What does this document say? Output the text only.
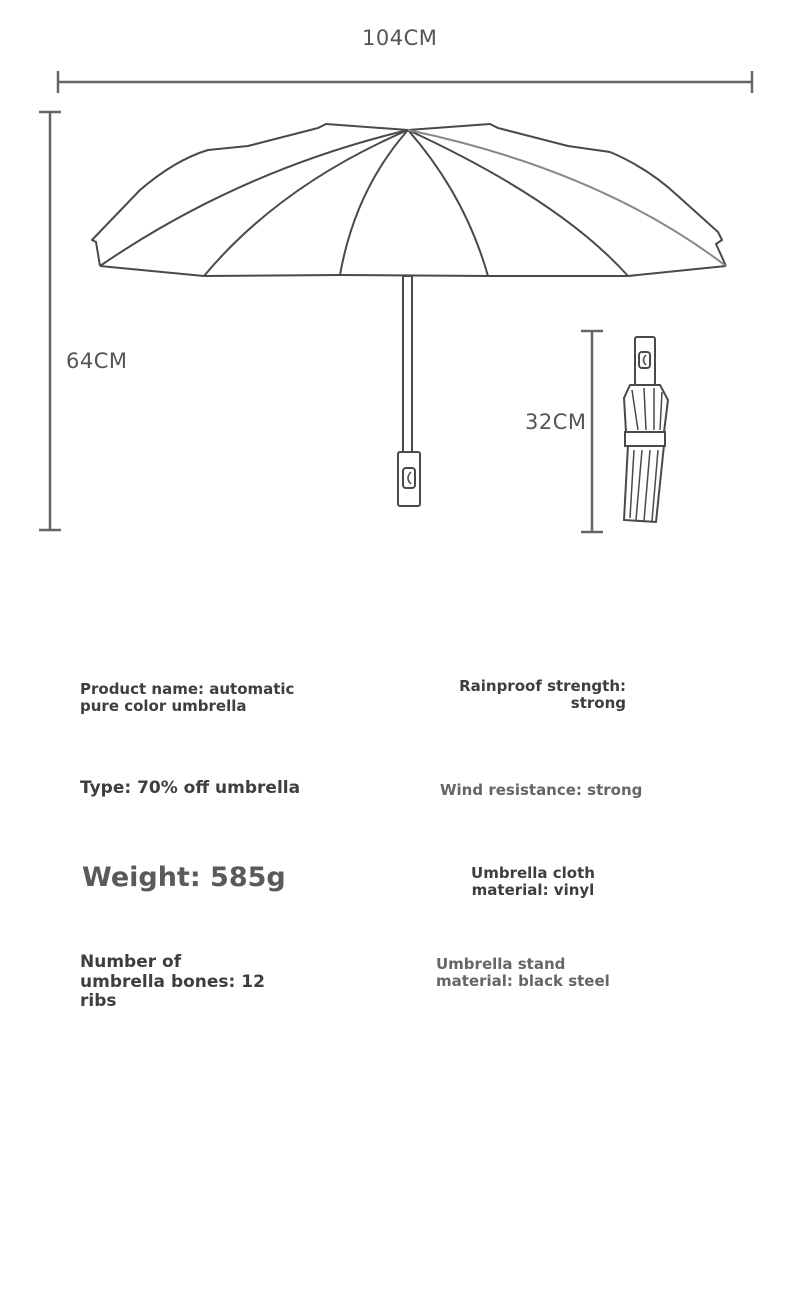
104CM
64CM
32CM
Product name: automatic pure color umbrella
Rainproof strength: strong
Type: 70% off umbrella	Wind resistance: strong
Weight: 585g	Umbrella cloth material: vinyl
Number of umbrella bones: 12 ribs
Umbrella stand material: black steel
